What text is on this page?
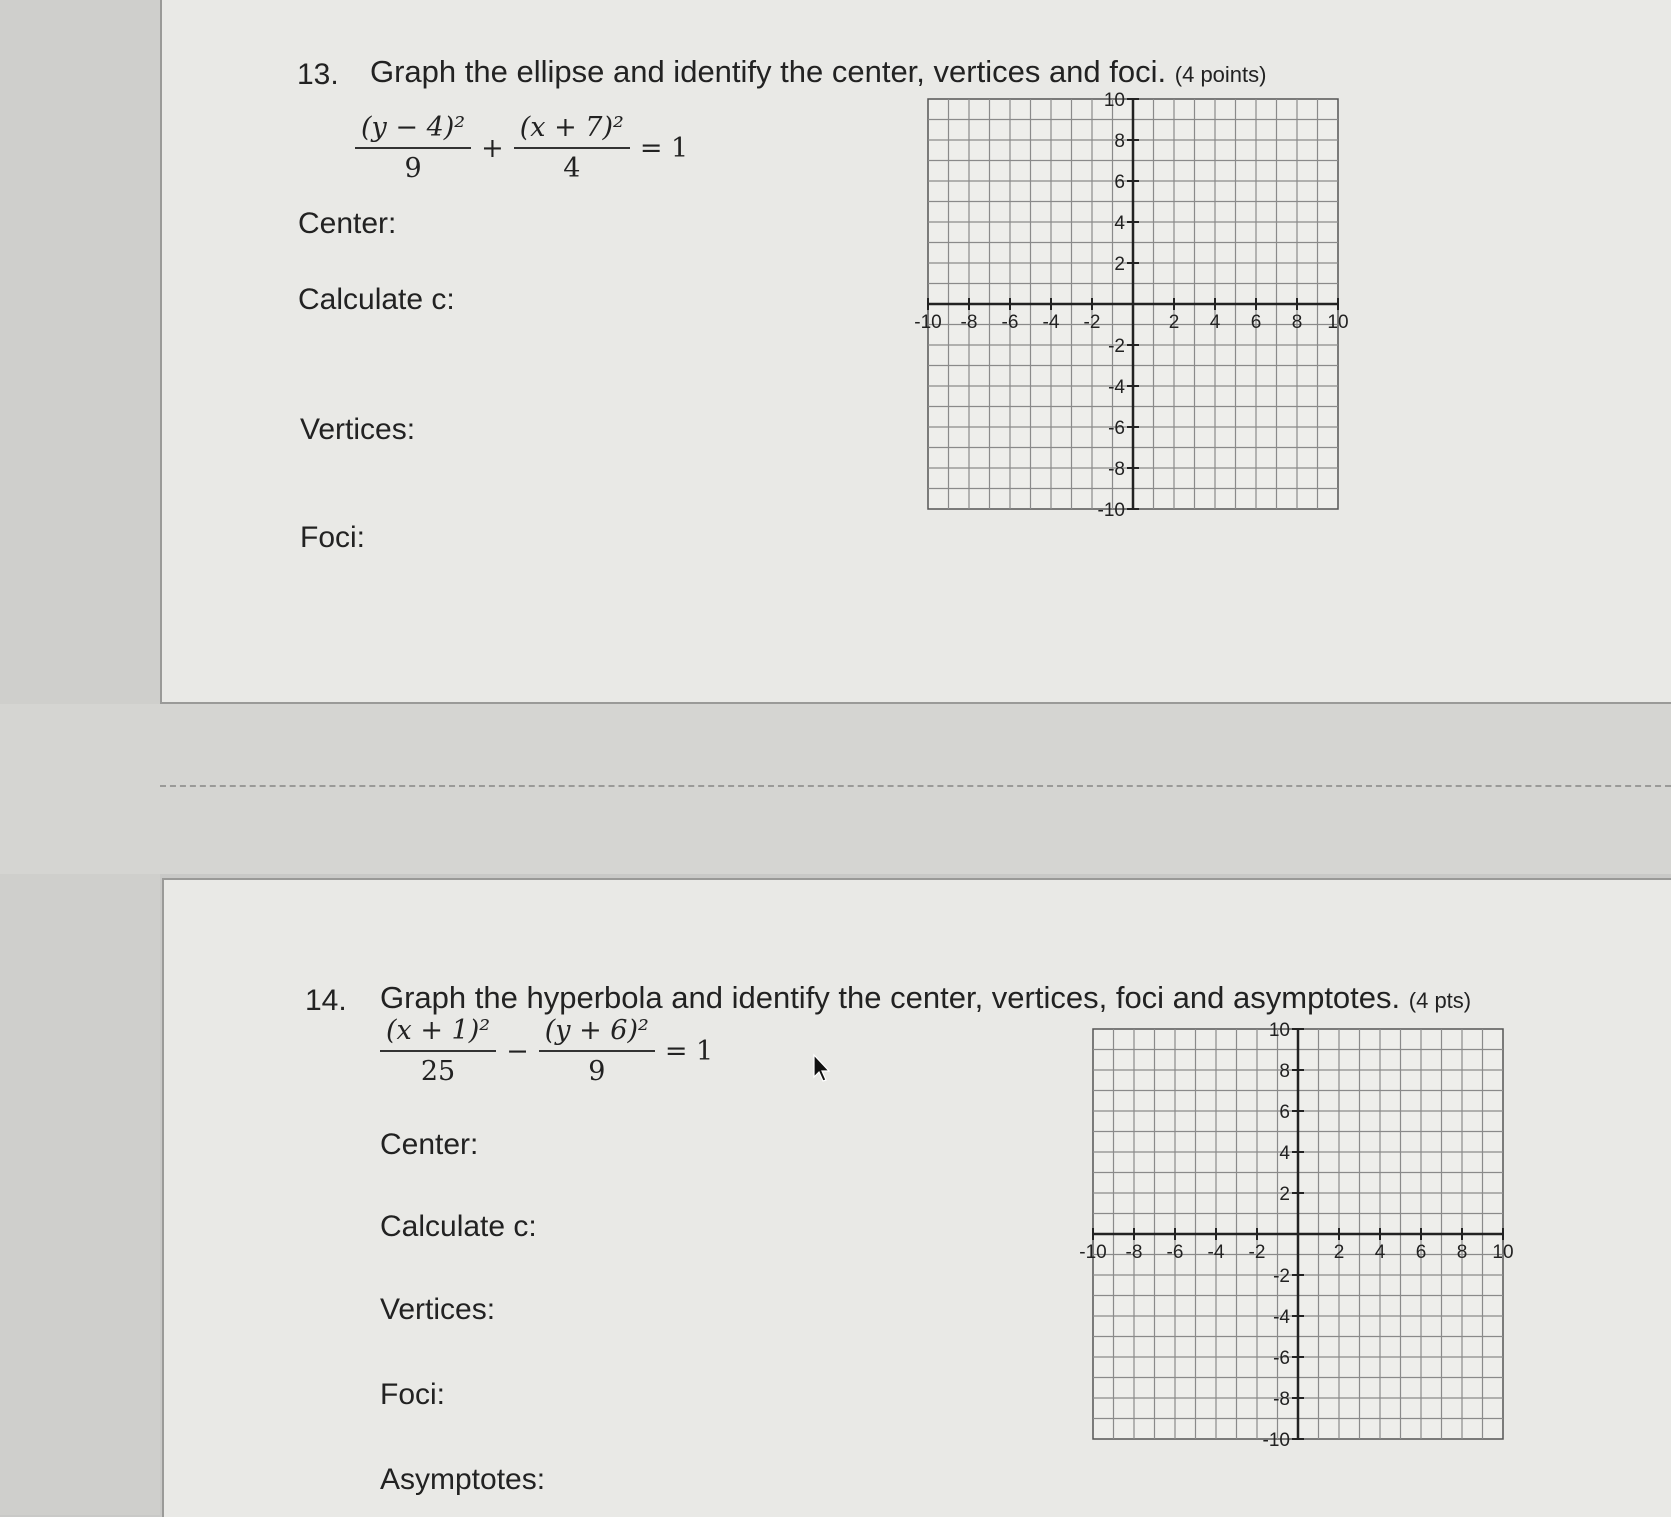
13. Graph the ellipse and identify the center, vertices and foci. (4 points)
$\frac{\text{(y − 4)²}}{9} + \frac{\text{(x + 7)²}}{4} = 1$
Center:
Calculate c:
Vertices:
Foci:
-10 -8 -6 -4 -2	2 4 6 8 10
10
8
6
4
2
-2
-4
-6
-8
-10
14. Graph the hyperbola and identify the center, vertices, foci and asymptotes. (4 pts)
$\frac{\text{(x + 1)²}}{25} - \frac{\text{(y + 6)²}}{9} = 1$
Center:
Calculate c:
Vertices:
Foci:
Asymptotes:
-10 -8 -6 -4 -2	2 4 6 8 10
10
8
6
4
2
-2
-4
-6
-8
-10
